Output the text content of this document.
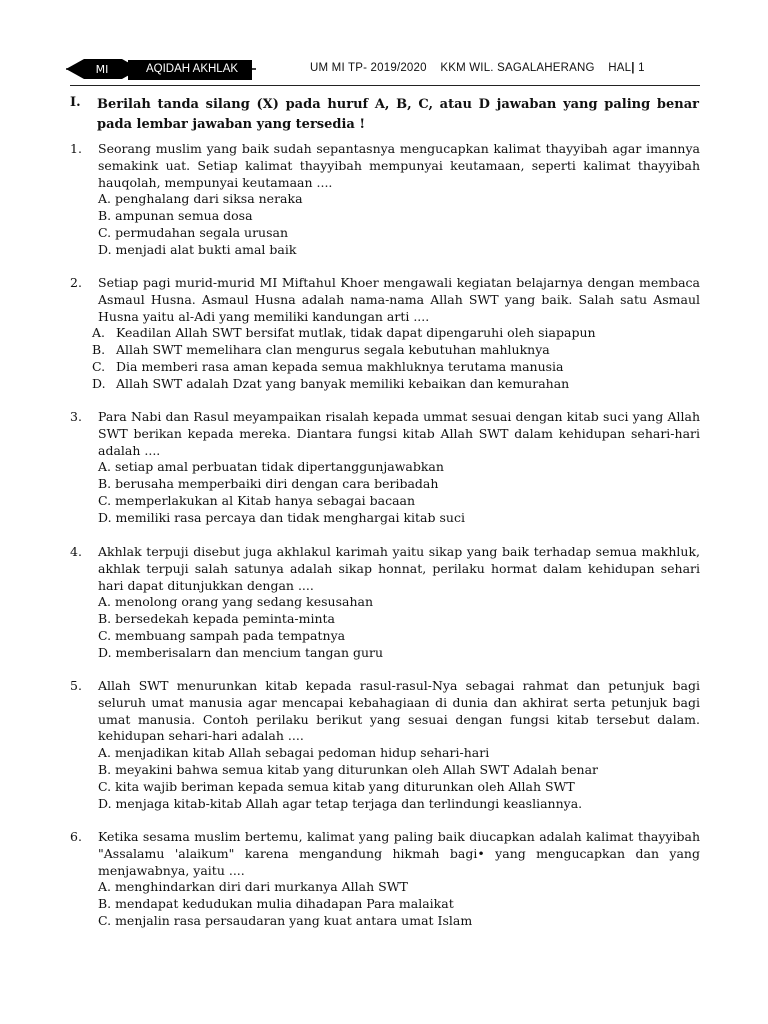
MI	AQIDAH AKHLAK	UM MI TP- 2019/2020 KKM WIL. SAGALAHERANG HAL| 1
I. Berilah tanda silang (X) pada huruf A, B, C, atau D jawaban yang paling benar pada lembar jawaban yang tersedia !
1. Seorang muslim yang baik sudah sepantasnya mengucapkan kalimat thayyibah agar imannya semakink uat. Setiap kalimat thayyibah mempunyai keutamaan, seperti kalimat thayyibah hauqolah, mempunyai keutamaan ....
A. penghalang dari siksa neraka
B. ampunan semua dosa
C. permudahan segala urusan
D. menjadi alat bukti amal baik
2. Setiap pagi murid-murid MI Miftahul Khoer mengawali kegiatan belajarnya dengan membaca Asmaul Husna. Asmaul Husna adalah nama-nama Allah SWT yang baik. Salah satu Asmaul Husna yaitu al-Adi yang memiliki kandungan arti ....
A. Keadilan Allah SWT bersifat mutlak, tidak dapat dipengaruhi oleh siapapun
B. Allah SWT memelihara clan mengurus segala kebutuhan mahluknya
C. Dia memberi rasa aman kepada semua makhluknya terutama manusia
D. Allah SWT adalah Dzat yang banyak memiliki kebaikan dan kemurahan
3. Para Nabi dan Rasul meyampaikan risalah kepada ummat sesuai dengan kitab suci yang Allah SWT berikan kepada mereka. Diantara fungsi kitab Allah SWT dalam kehidupan sehari-hari adalah ....
A. setiap amal perbuatan tidak dipertanggunjawabkan
B. berusaha memperbaiki diri dengan cara beribadah
C. memperlakukan al Kitab hanya sebagai bacaan
D. memiliki rasa percaya dan tidak menghargai kitab suci
4. Akhlak terpuji disebut juga akhlakul karimah yaitu sikap yang baik terhadap semua makhluk, akhlak terpuji salah satunya adalah sikap honnat, perilaku hormat dalam kehidupan sehari hari dapat ditunjukkan dengan ....
A. menolong orang yang sedang kesusahan
B. bersedekah kepada peminta-minta
C. membuang sampah pada tempatnya
D. memberisalarn dan mencium tangan guru
5. Allah SWT menurunkan kitab kepada rasul-rasul-Nya sebagai rahmat dan petunjuk bagi seluruh umat manusia agar mencapai kebahagiaan di dunia dan akhirat serta petunjuk bagi umat manusia. Contoh perilaku berikut yang sesuai dengan fungsi kitab tersebut dalam. kehidupan sehari-hari adalah ....
A. menjadikan kitab Allah sebagai pedoman hidup sehari-hari
B. meyakini bahwa semua kitab yang diturunkan oleh Allah SWT Adalah benar
C. kita wajib beriman kepada semua kitab yang diturunkan oleh Allah SWT
D. menjaga kitab-kitab Allah agar tetap terjaga dan terlindungi keasliannya.
6. Ketika sesama muslim bertemu, kalimat yang paling baik diucapkan adalah kalimat thayyibah "Assalamu 'alaikum" karena mengandung hikmah bagi• yang mengucapkan dan yang menjawabnya, yaitu ....
A. menghindarkan diri dari murkanya Allah SWT
B. mendapat kedudukan mulia dihadapan Para malaikat
C. menjalin rasa persaudaran yang kuat antara umat Islam
